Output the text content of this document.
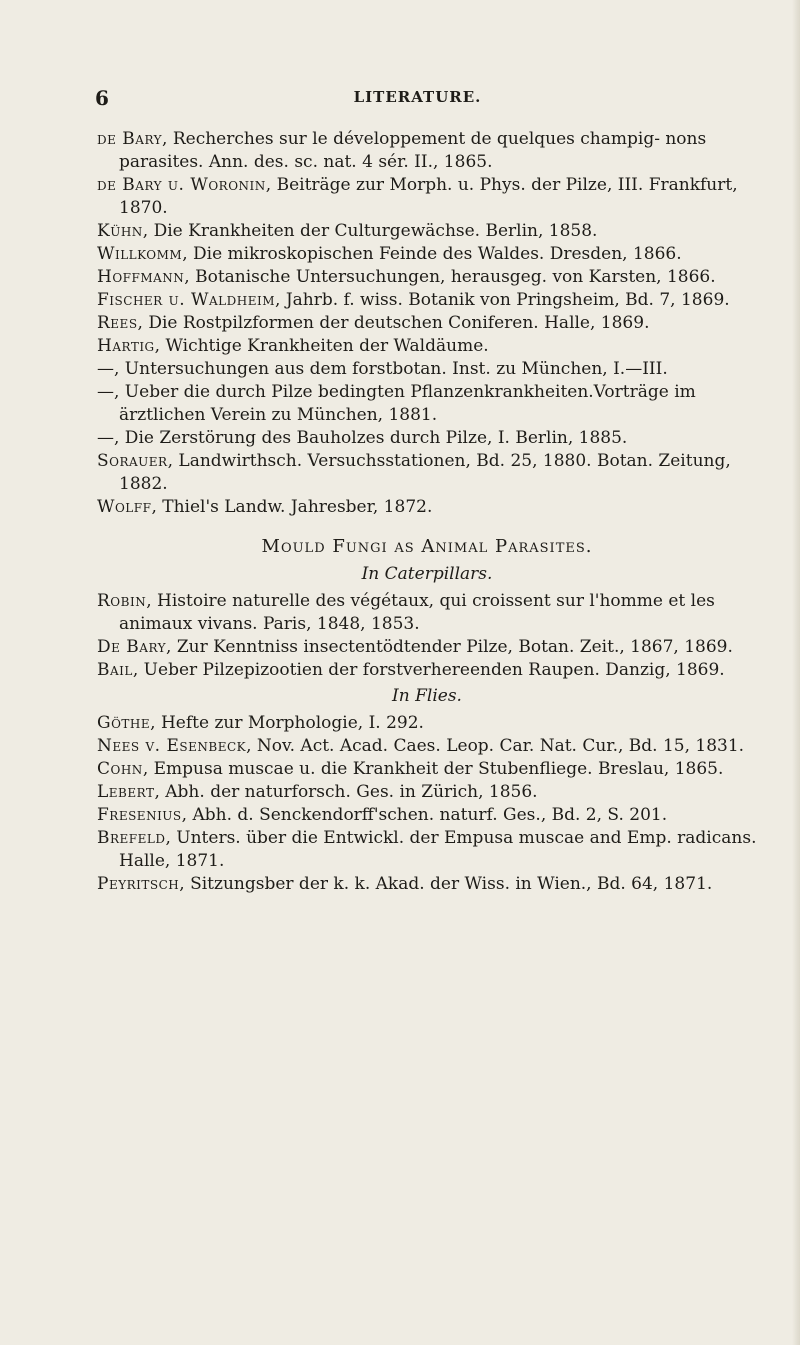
6	LITERATURE.
de Bary, Recherches sur le développement de quelques champig- nons parasites. Ann. des. sc. nat. 4 sér. II., 1865.
de Bary u. Woronin, Beiträge zur Morph. u. Phys. der Pilze, III. Frankfurt, 1870.
Kühn, Die Krankheiten der Culturgewächse. Berlin, 1858.
Willkomm, Die mikroskopischen Feinde des Waldes. Dresden, 1866.
Hoffmann, Botanische Untersuchungen, herausgeg. von Karsten, 1866.
Fischer u. Waldheim, Jahrb. f. wiss. Botanik von Pringsheim, Bd. 7, 1869.
Rees, Die Rostpilzformen der deutschen Coniferen. Halle, 1869.
Hartig, Wichtige Krankheiten der Waldäume.
—, Untersuchungen aus dem forstbotan. Inst. zu München, I.—III.
—, Ueber die durch Pilze bedingten Pflanzenkrankheiten.Vorträge im ärztlichen Verein zu München, 1881.
—, Die Zerstörung des Bauholzes durch Pilze, I. Berlin, 1885.
Sorauer, Landwirthsch. Versuchsstationen, Bd. 25, 1880. Botan. Zeitung, 1882.
Wolff, Thiel's Landw. Jahresber, 1872.
Mould Fungi as Animal Parasites.
In Caterpillars.
Robin, Histoire naturelle des végétaux, qui croissent sur l'homme et les animaux vivans. Paris, 1848, 1853.
De Bary, Zur Kenntniss insectentödtender Pilze, Botan. Zeit., 1867, 1869.
Bail, Ueber Pilzepizootien der forstverhereenden Raupen. Danzig, 1869.
In Flies.
Göthe, Hefte zur Morphologie, I. 292.
Nees v. Esenbeck, Nov. Act. Acad. Caes. Leop. Car. Nat. Cur., Bd. 15, 1831.
Cohn, Empusa muscae u. die Krankheit der Stubenfliege. Breslau, 1865.
Lebert, Abh. der naturforsch. Ges. in Zürich, 1856.
Fresenius, Abh. d. Senckendorff'schen. naturf. Ges., Bd. 2, S. 201.
Brefeld, Unters. über die Entwickl. der Empusa muscae and Emp. radicans. Halle, 1871.
Peyritsch, Sitzungsber der k. k. Akad. der Wiss. in Wien., Bd. 64, 1871.
